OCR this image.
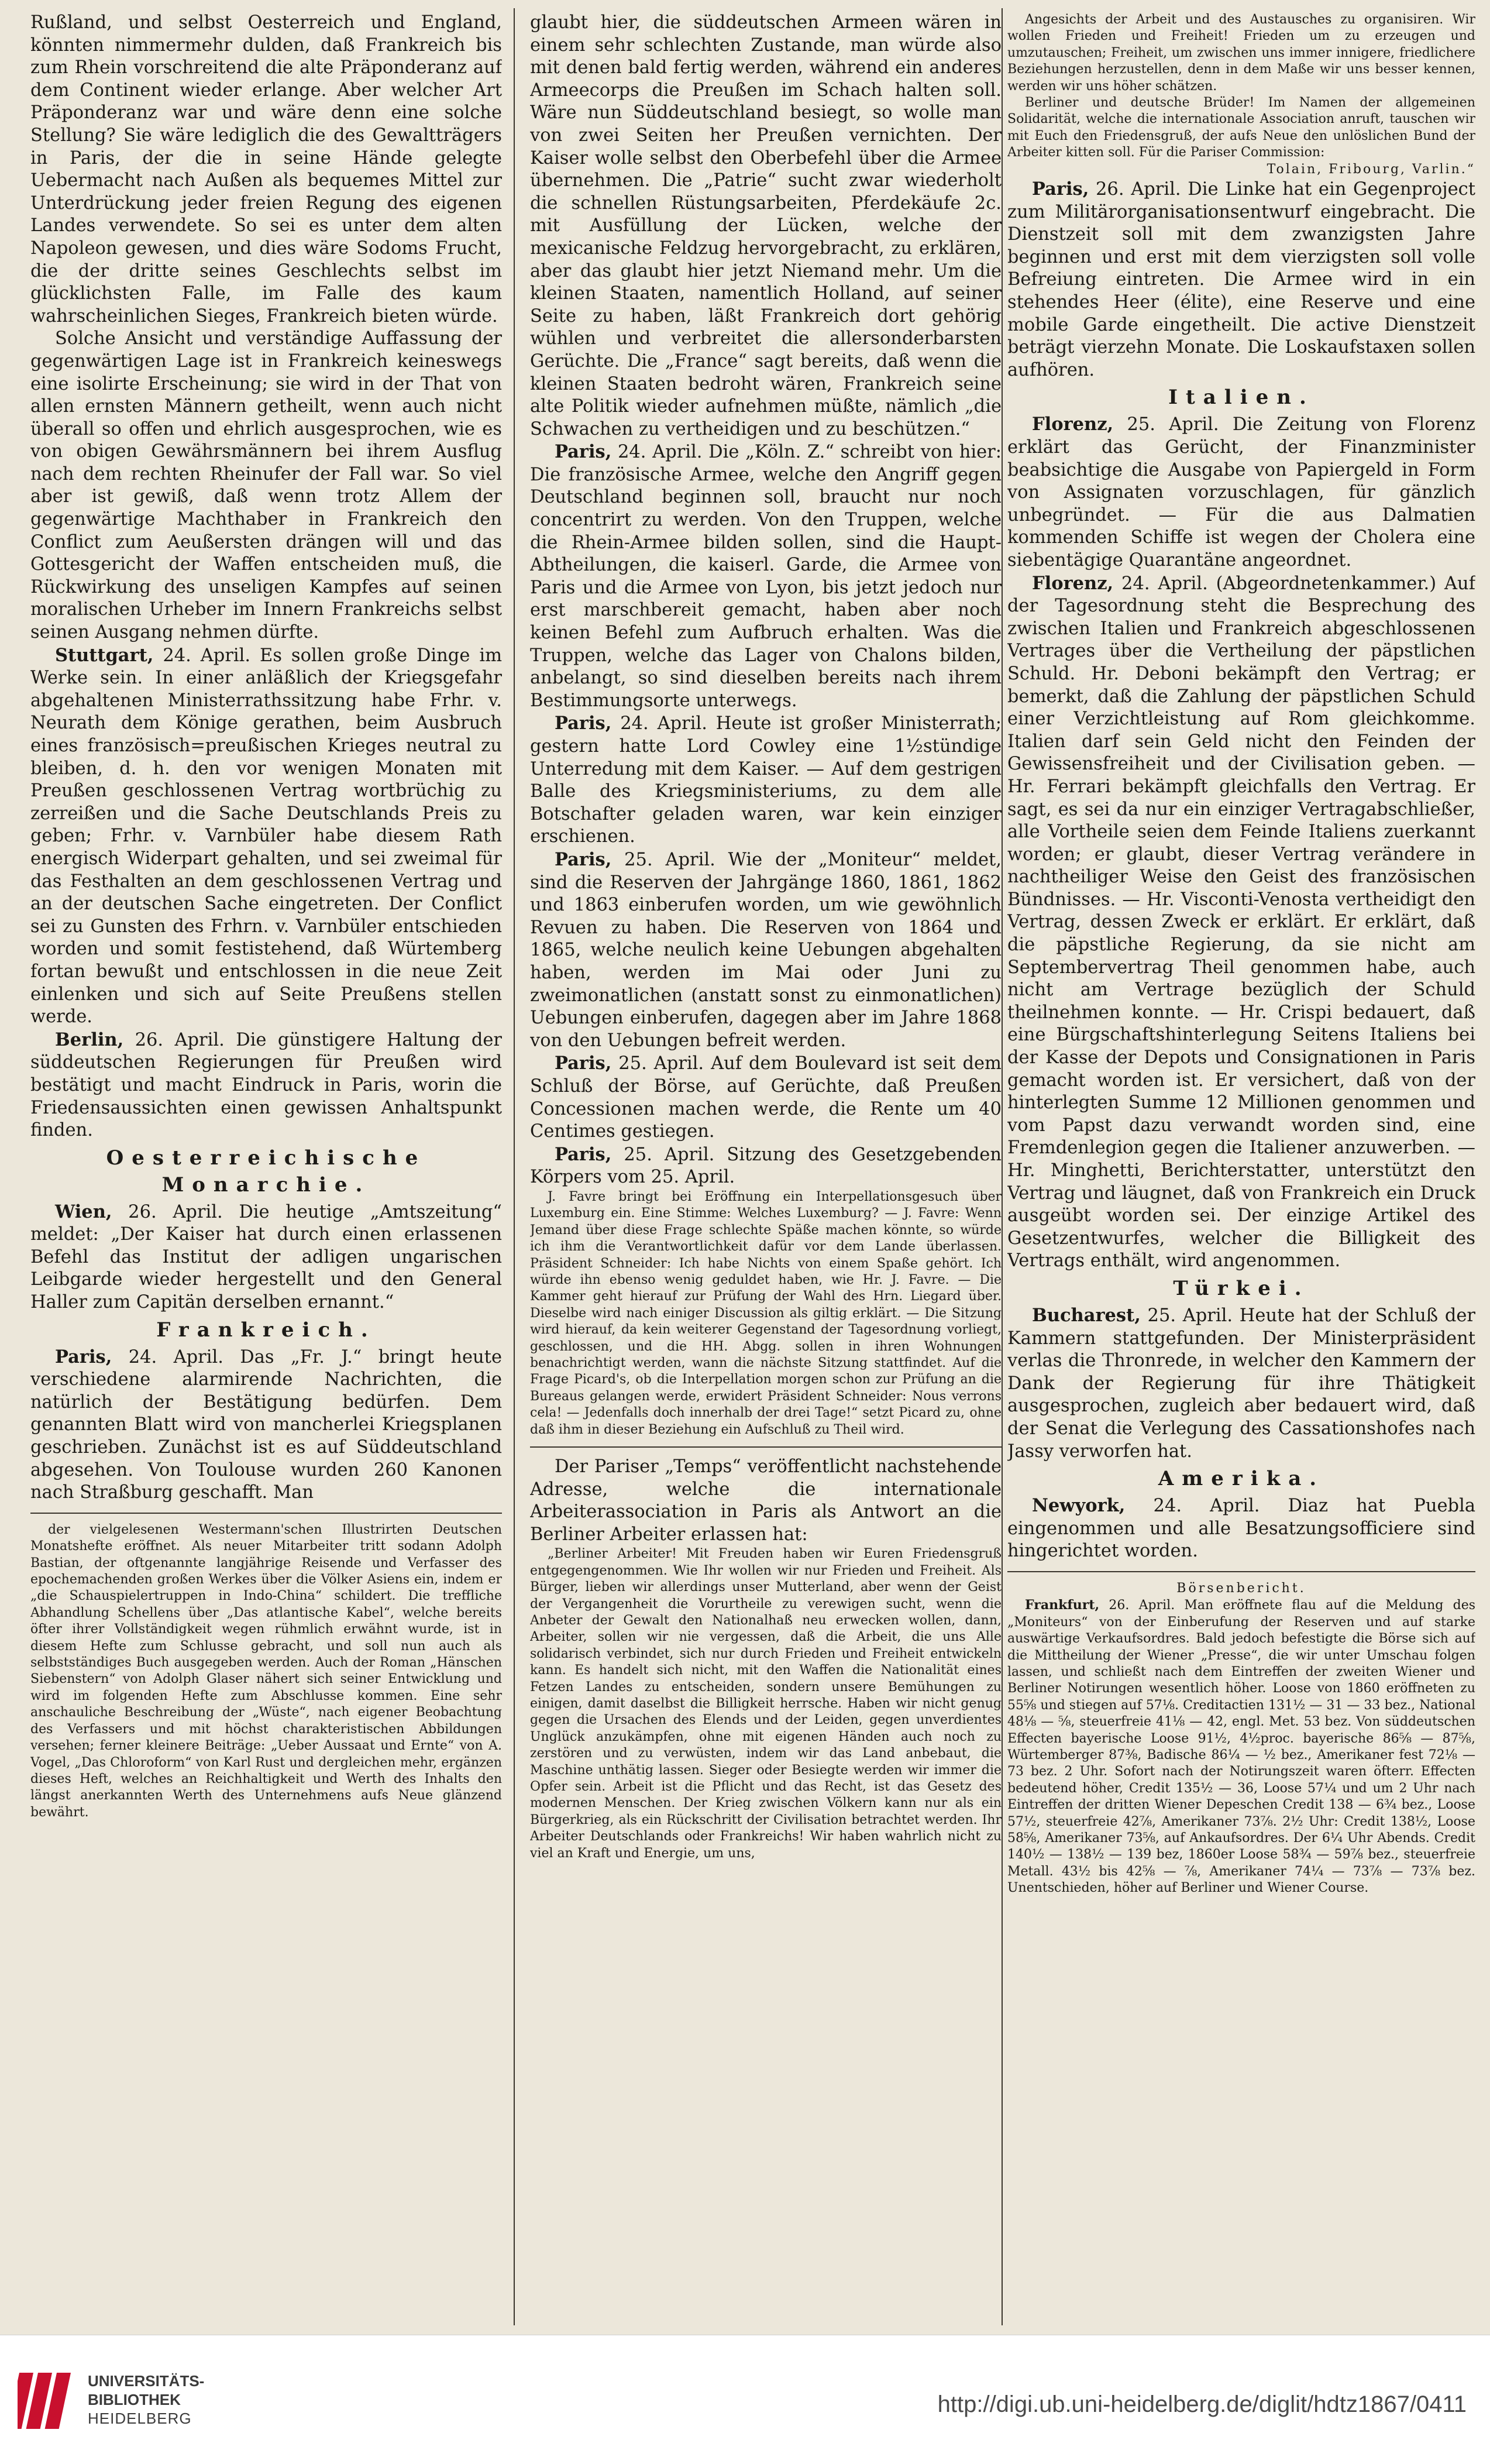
Rußland, und selbst Oesterreich und England, könnten nimmermehr dulden, daß Frankreich bis zum Rhein vorschreitend die alte Präponderanz auf dem Continent wieder erlange. Aber welcher Art Präponderanz war und wäre denn eine solche Stellung? Sie wäre lediglich die des Gewaltträgers in Paris, der die in seine Hände gelegte Uebermacht nach Außen als bequemes Mittel zur Unterdrückung jeder freien Regung des eigenen Landes verwendete. So sei es unter dem alten Napoleon gewesen, und dies wäre Sodoms Frucht, die der dritte seines Geschlechts selbst im glücklichsten Falle, im Falle des kaum wahrscheinlichen Sieges, Frankreich bieten würde.

Solche Ansicht und verständige Auffassung der gegenwärtigen Lage ist in Frankreich keineswegs eine isolirte Erscheinung; sie wird in der That von allen ernsten Männern getheilt, wenn auch nicht überall so offen und ehrlich ausgesprochen, wie es von obigen Gewährsmännern bei ihrem Ausflug nach dem rechten Rheinufer der Fall war. So viel aber ist gewiß, daß wenn trotz Allem der gegenwärtige Machthaber in Frankreich den Conflict zum Aeußersten drängen will und das Gottesgericht der Waffen entscheiden muß, die Rückwirkung des unseligen Kampfes auf seinen moralischen Urheber im Innern Frankreichs selbst seinen Ausgang nehmen dürfte.

Stuttgart, 24. April. Es sollen große Dinge im Werke sein. In einer anläßlich der Kriegsgefahr abgehaltenen Ministerrathssitzung habe Frhr. v. Neurath dem Könige gerathen, beim Ausbruch eines französisch=preußischen Krieges neutral zu bleiben, d. h. den vor wenigen Monaten mit Preußen geschlossenen Vertrag wortbrüchig zu zerreißen und die Sache Deutschlands Preis zu geben; Frhr. v. Varnbüler habe diesem Rath energisch Widerpart gehalten, und sei zweimal für das Festhalten an dem geschlossenen Vertrag und an der deutschen Sache eingetreten. Der Conflict sei zu Gunsten des Frhrn. v. Varnbüler entschieden worden und somit festistehend, daß Würtemberg fortan bewußt und entschlossen in die neue Zeit einlenken und sich auf Seite Preußens stellen werde.

Berlin, 26. April. Die günstigere Haltung der süddeutschen Regierungen für Preußen wird bestätigt und macht Eindruck in Paris, worin die Friedensaussichten einen gewissen Anhaltspunkt finden.

Oesterreichische Monarchie.

Wien, 26. April. Die heutige „Amtszeitung“ meldet: „Der Kaiser hat durch einen erlassenen Befehl das Institut der adligen ungarischen Leibgarde wieder hergestellt und den General Haller zum Capitän derselben ernannt.“

Frankreich.

Paris, 24. April. Das „Fr. J.“ bringt heute verschiedene alarmirende Nachrichten, die natürlich der Bestätigung bedürfen. Dem genannten Blatt wird von mancherlei Kriegsplanen geschrieben. Zunächst ist es auf Süddeutschland abgesehen. Von Toulouse wurden 260 Kanonen nach Straßburg geschafft. Man

der vielgelesenen Westermann'schen Illustrirten Deutschen Monatshefte eröffnet. Als neuer Mitarbeiter tritt sodann Adolph Bastian, der oftgenannte langjährige Reisende und Verfasser des epochemachenden großen Werkes über die Völker Asiens ein, indem er „die Schauspielertruppen in Indo-China“ schildert. Die treffliche Abhandlung Schellens über „Das atlantische Kabel“, welche bereits öfter ihrer Vollständigkeit wegen rühmlich erwähnt wurde, ist in diesem Hefte zum Schlusse gebracht, und soll nun auch als selbstständiges Buch ausgegeben werden. Auch der Roman „Hänschen Siebenstern“ von Adolph Glaser nähert sich seiner Entwicklung und wird im folgenden Hefte zum Abschlusse kommen. Eine sehr anschauliche Beschreibung der „Wüste“, nach eigener Beobachtung des Verfassers und mit höchst charakteristischen Abbildungen versehen; ferner kleinere Beiträge: „Ueber Aussaat und Ernte“ von A. Vogel, „Das Chloroform“ von Karl Rust und dergleichen mehr, ergänzen dieses Heft, welches an Reichhaltigkeit und Werth des Inhalts den längst anerkannten Werth des Unternehmens aufs Neue glänzend bewährt.

glaubt hier, die süddeutschen Armeen wären in einem sehr schlechten Zustande, man würde also mit denen bald fertig werden, während ein anderes Armeecorps die Preußen im Schach halten soll. Wäre nun Süddeutschland besiegt, so wolle man von zwei Seiten her Preußen vernichten. Der Kaiser wolle selbst den Oberbefehl über die Armee übernehmen. Die „Patrie“ sucht zwar wiederholt die schnellen Rüstungsarbeiten, Pferdekäufe 2c. mit Ausfüllung der Lücken, welche der mexicanische Feldzug hervorgebracht, zu erklären, aber das glaubt hier jetzt Niemand mehr. Um die kleinen Staaten, namentlich Holland, auf seiner Seite zu haben, läßt Frankreich dort gehörig wühlen und verbreitet die allersonderbarsten Gerüchte. Die „France“ sagt bereits, daß wenn die kleinen Staaten bedroht wären, Frankreich seine alte Politik wieder aufnehmen müßte, nämlich „die Schwachen zu vertheidigen und zu beschützen.“

Paris, 24. April. Die „Köln. Z.“ schreibt von hier: Die französische Armee, welche den Angriff gegen Deutschland beginnen soll, braucht nur noch concentrirt zu werden. Von den Truppen, welche die Rhein-Armee bilden sollen, sind die Haupt-Abtheilungen, die kaiserl. Garde, die Armee von Paris und die Armee von Lyon, bis jetzt jedoch nur erst marschbereit gemacht, haben aber noch keinen Befehl zum Aufbruch erhalten. Was die Truppen, welche das Lager von Chalons bilden, anbelangt, so sind dieselben bereits nach ihrem Bestimmungsorte unterwegs.

Paris, 24. April. Heute ist großer Ministerrath; gestern hatte Lord Cowley eine 1½stündige Unterredung mit dem Kaiser. — Auf dem gestrigen Balle des Kriegsministeriums, zu dem alle Botschafter geladen waren, war kein einziger erschienen.

Paris, 25. April. Wie der „Moniteur“ meldet, sind die Reserven der Jahrgänge 1860, 1861, 1862 und 1863 einberufen worden, um wie gewöhnlich Revuen zu haben. Die Reserven von 1864 und 1865, welche neulich keine Uebungen abgehalten haben, werden im Mai oder Juni zu zweimonatlichen (anstatt sonst zu einmonatlichen) Uebungen einberufen, dagegen aber im Jahre 1868 von den Uebungen befreit werden.

Paris, 25. April. Auf dem Boulevard ist seit dem Schluß der Börse, auf Gerüchte, daß Preußen Concessionen machen werde, die Rente um 40 Centimes gestiegen.

Paris, 25. April. Sitzung des Gesetzgebenden Körpers vom 25. April.

J. Favre bringt bei Eröffnung ein Interpellationsgesuch über Luxemburg ein. Eine Stimme: Welches Luxemburg? — J. Favre: Wenn Jemand über diese Frage schlechte Späße machen könnte, so würde ich ihm die Verantwortlichkeit dafür vor dem Lande überlassen. Präsident Schneider: Ich habe Nichts von einem Spaße gehört. Ich würde ihn ebenso wenig geduldet haben, wie Hr. J. Favre. — Die Kammer geht hierauf zur Prüfung der Wahl des Hrn. Liegard über. Dieselbe wird nach einiger Discussion als giltig erklärt. — Die Sitzung wird hierauf, da kein weiterer Gegenstand der Tagesordnung vorliegt, geschlossen, und die HH. Abgg. sollen in ihren Wohnungen benachrichtigt werden, wann die nächste Sitzung stattfindet. Auf die Frage Picard's, ob die Interpellation morgen schon zur Prüfung an die Bureaus gelangen werde, erwidert Präsident Schneider: Nous verrons cela! — Jedenfalls doch innerhalb der drei Tage!“ setzt Picard zu, ohne daß ihm in dieser Beziehung ein Aufschluß zu Theil wird.

Der Pariser „Temps“ veröffentlicht nachstehende Adresse, welche die internationale Arbeiterassociation in Paris als Antwort an die Berliner Arbeiter erlassen hat:

„Berliner Arbeiter! Mit Freuden haben wir Euren Friedensgruß entgegengenommen. Wie Ihr wollen wir nur Frieden und Freiheit. Als Bürger, lieben wir allerdings unser Mutterland, aber wenn der Geist der Vergangenheit die Vorurtheile zu verewigen sucht, wenn die Anbeter der Gewalt den Nationalhaß neu erwecken wollen, dann, Arbeiter, sollen wir nie vergessen, daß die Arbeit, die uns Alle solidarisch verbindet, sich nur durch Frieden und Freiheit entwickeln kann. Es handelt sich nicht, mit den Waffen die Nationalität eines Fetzen Landes zu entscheiden, sondern unsere Bemühungen zu einigen, damit daselbst die Billigkeit herrsche. Haben wir nicht genug gegen die Ursachen des Elends und der Leiden, gegen unverdientes Unglück anzukämpfen, ohne mit eigenen Händen auch noch zu zerstören und zu verwüsten, indem wir das Land anbebaut, die Maschine unthätig lassen. Sieger oder Besiegte werden wir immer die Opfer sein. Arbeit ist die Pflicht und das Recht, ist das Gesetz des modernen Menschen. Der Krieg zwischen Völkern kann nur als ein Bürgerkrieg, als ein Rückschritt der Civilisation betrachtet werden. Ihr Arbeiter Deutschlands oder Frankreichs! Wir haben wahrlich nicht zu viel an Kraft und Energie, um uns,

Angesichts der Arbeit und des Austausches zu organisiren. Wir wollen Frieden und Freiheit! Frieden um zu erzeugen und umzutauschen; Freiheit, um zwischen uns immer innigere, friedlichere Beziehungen herzustellen, denn in dem Maße wir uns besser kennen, werden wir uns höher schätzen.

Berliner und deutsche Brüder! Im Namen der allgemeinen Solidarität, welche die internationale Association anruft, tauschen wir mit Euch den Friedensgruß, der aufs Neue den unlöslichen Bund der Arbeiter kitten soll. Für die Pariser Commission:

Tolain, Fribourg, Varlin.“

Paris, 26. April. Die Linke hat ein Gegenproject zum Militärorganisationsentwurf eingebracht. Die Dienstzeit soll mit dem zwanzigsten Jahre beginnen und erst mit dem vierzigsten soll volle Befreiung eintreten. Die Armee wird in ein stehendes Heer (élite), eine Reserve und eine mobile Garde eingetheilt. Die active Dienstzeit beträgt vierzehn Monate. Die Loskaufstaxen sollen aufhören.

Italien.

Florenz, 25. April. Die Zeitung von Florenz erklärt das Gerücht, der Finanzminister beabsichtige die Ausgabe von Papiergeld in Form von Assignaten vorzuschlagen, für gänzlich unbegründet. — Für die aus Dalmatien kommenden Schiffe ist wegen der Cholera eine siebentägige Quarantäne angeordnet.

Florenz, 24. April. (Abgeordnetenkammer.) Auf der Tagesordnung steht die Besprechung des zwischen Italien und Frankreich abgeschlossenen Vertrages über die Vertheilung der päpstlichen Schuld. Hr. Deboni bekämpft den Vertrag; er bemerkt, daß die Zahlung der päpstlichen Schuld einer Verzichtleistung auf Rom gleichkomme. Italien darf sein Geld nicht den Feinden der Gewissensfreiheit und der Civilisation geben. — Hr. Ferrari bekämpft gleichfalls den Vertrag. Er sagt, es sei da nur ein einziger Vertragabschließer, alle Vortheile seien dem Feinde Italiens zuerkannt worden; er glaubt, dieser Vertrag verändere in nachtheiliger Weise den Geist des französischen Bündnisses. — Hr. Visconti-Venosta vertheidigt den Vertrag, dessen Zweck er erklärt. Er erklärt, daß die päpstliche Regierung, da sie nicht am Septembervertrag Theil genommen habe, auch nicht am Vertrage bezüglich der Schuld theilnehmen konnte. — Hr. Crispi bedauert, daß eine Bürgschaftshinterlegung Seitens Italiens bei der Kasse der Depots und Consignationen in Paris gemacht worden ist. Er versichert, daß von der hinterlegten Summe 12 Millionen genommen und vom Papst dazu verwandt worden sind, eine Fremdenlegion gegen die Italiener anzuwerben. — Hr. Minghetti, Berichterstatter, unterstützt den Vertrag und läugnet, daß von Frankreich ein Druck ausgeübt worden sei. Der einzige Artikel des Gesetzentwurfes, welcher die Billigkeit des Vertrags enthält, wird angenommen.

Türkei.

Bucharest, 25. April. Heute hat der Schluß der Kammern stattgefunden. Der Ministerpräsident verlas die Thronrede, in welcher den Kammern der Dank der Regierung für ihre Thätigkeit ausgesprochen, zugleich aber bedauert wird, daß der Senat die Verlegung des Cassationshofes nach Jassy verworfen hat.

Amerika.

Newyork, 24. April. Diaz hat Puebla eingenommen und alle Besatzungsofficiere sind hingerichtet worden.

Börsenbericht.

Frankfurt, 26. April. Man eröffnete flau auf die Meldung des „Moniteurs“ von der Einberufung der Reserven und auf starke auswärtige Verkaufsordres. Bald jedoch befestigte die Börse sich auf die Mittheilung der Wiener „Presse“, die wir unter Umschau folgen lassen, und schließt nach dem Eintreffen der zweiten Wiener und Berliner Notirungen wesentlich höher. Loose von 1860 eröffneten zu 55⅝ und stiegen auf 57⅛. Creditactien 131½ — 31 — 33 bez., National 48⅛ — ⅝, steuerfreie 41⅛ — 42, engl. Met. 53 bez. Von süddeutschen Effecten bayerische Loose 91½, 4½proc. bayerische 86⅝ — 87⅝, Würtemberger 87⅜, Badische 86¼ — ½ bez., Amerikaner fest 72⅛ — 73 bez. 2 Uhr. Sofort nach der Notirungszeit waren öfterr. Effecten bedeutend höher, Credit 135½ — 36, Loose 57¼ und um 2 Uhr nach Eintreffen der dritten Wiener Depeschen Credit 138 — 6¾ bez., Loose 57½, steuerfreie 42⅞, Amerikaner 73⅞. 2½ Uhr: Credit 138½, Loose 58⅝, Amerikaner 73⅝, auf Ankaufsordres. Der 6¼ Uhr Abends. Credit 140½ — 138½ — 139 bez, 1860er Loose 58¾ — 59⅞ bez., steuerfreie Metall. 43½ bis 42⅝ — ⅞, Amerikaner 74¼ — 73⅞ — 73⅞ bez. Unentschieden, höher auf Berliner und Wiener Course.

UNIVERSITÄTS-
BIBLIOTHEK
HEIDELBERG
http://digi.ub.uni-heidelberg.de/diglit/hdtz1867/0411
